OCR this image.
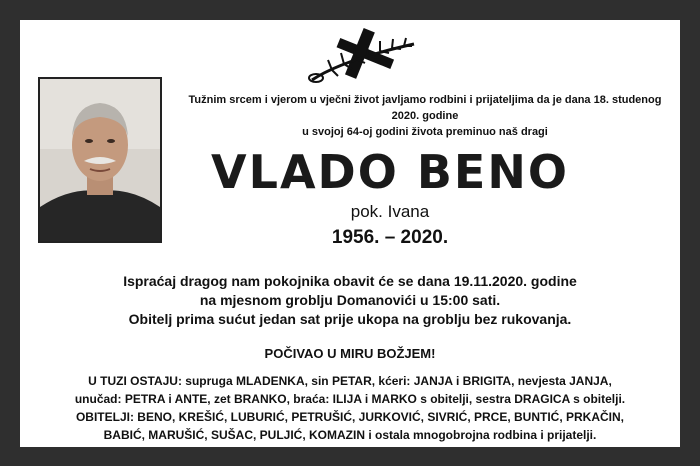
Tužnim srcem i vjerom u vječni život javljamo rodbini i prijateljima da je dana 18. studenog 2020. godine
u svojoj 64-oj godini života preminuo naš dragi
VLADO BENO
pok. Ivana
1956. – 2020.
Ispraćaj dragog nam pokojnika obavit će se dana 19.11.2020. godine
na mjesnom groblju Domanovići u 15:00 sati.
Obitelj prima sućut jedan sat prije ukopa na groblju bez rukovanja.
POČIVAO U MIRU BOŽJEM!
U TUZI OSTAJU: supruga MLADENKA, sin PETAR, kćeri: JANJA i BRIGITA, nevjesta JANJA,
unučad: PETRA i ANTE, zet BRANKO, braća: ILIJA i MARKO s obitelji, sestra DRAGICA s obitelji.
OBITELJI: BENO, KREŠIĆ, LUBURIĆ, PETRUŠIĆ, JURKOVIĆ, SIVRIĆ, PRCE, BUNTIĆ, PRKAČIN,
BABIĆ, MARUŠIĆ, SUŠAC, PULJIĆ, KOMAZIN i ostala mnogobrojna rodbina i prijatelji.
